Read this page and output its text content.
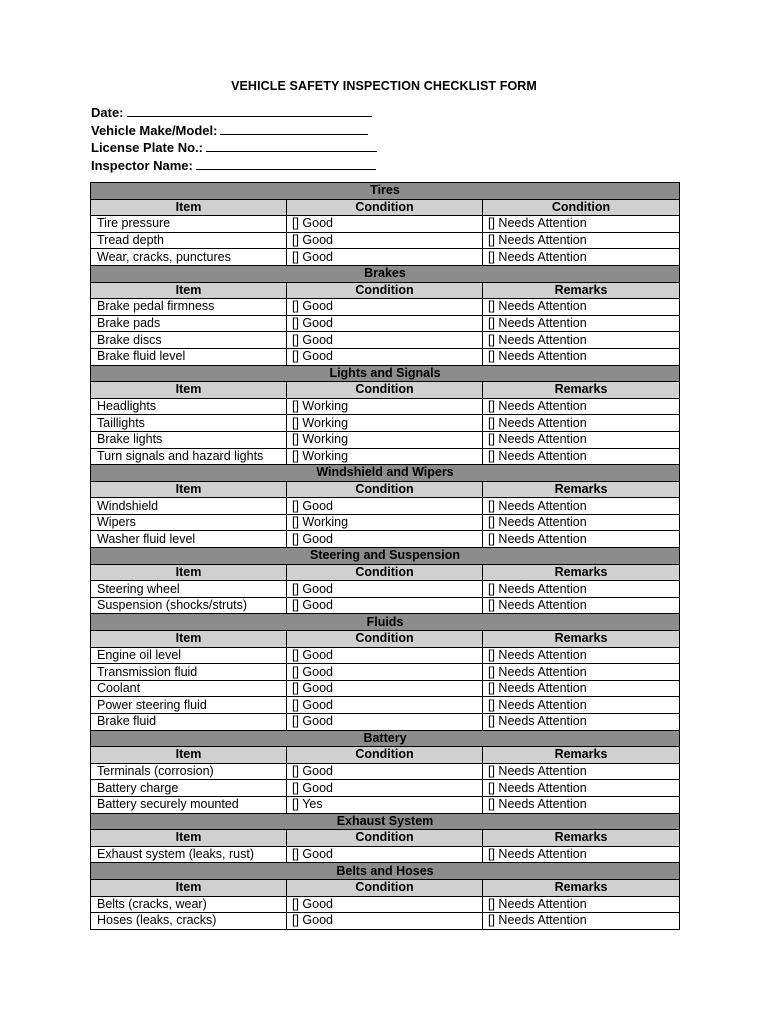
VEHICLE SAFETY INSPECTION CHECKLIST FORM
Date:
Vehicle Make/Model:
License Plate No.:
Inspector Name:
Tires		
Item	Condition	Condition
Tire pressure	[] Good	[] Needs Attention
Tread depth	[] Good	[] Needs Attention
Wear, cracks, punctures	[] Good	[] Needs Attention
Brakes		
Item	Condition	Remarks
Brake pedal firmness	[] Good	[] Needs Attention
Brake pads	[] Good	[] Needs Attention
Brake discs	[] Good	[] Needs Attention
Brake fluid level	[] Good	[] Needs Attention
Lights and Signals		
Item	Condition	Remarks
Headlights	[] Working	[] Needs Attention
Taillights	[] Working	[] Needs Attention
Brake lights	[] Working	[] Needs Attention
Turn signals and hazard lights	[] Working	[] Needs Attention
Windshield and Wipers		
Item	Condition	Remarks
Windshield	[] Good	[] Needs Attention
Wipers	[] Working	[] Needs Attention
Washer fluid level	[] Good	[] Needs Attention
Steering and Suspension		
Item	Condition	Remarks
Steering wheel	[] Good	[] Needs Attention
Suspension (shocks/struts)	[] Good	[] Needs Attention
Fluids		
Item	Condition	Remarks
Engine oil level	[] Good	[] Needs Attention
Transmission fluid	[] Good	[] Needs Attention
Coolant	[] Good	[] Needs Attention
Power steering fluid	[] Good	[] Needs Attention
Brake fluid	[] Good	[] Needs Attention
Battery		
Item	Condition	Remarks
Terminals (corrosion)	[] Good	[] Needs Attention
Battery charge	[] Good	[] Needs Attention
Battery securely mounted	[] Yes	[] Needs Attention
Exhaust System		
Item	Condition	Remarks
Exhaust system (leaks, rust)	[] Good	[] Needs Attention
Belts and Hoses		
Item	Condition	Remarks
Belts (cracks, wear)	[] Good	[] Needs Attention
Hoses (leaks, cracks)	[] Good	[] Needs Attention
